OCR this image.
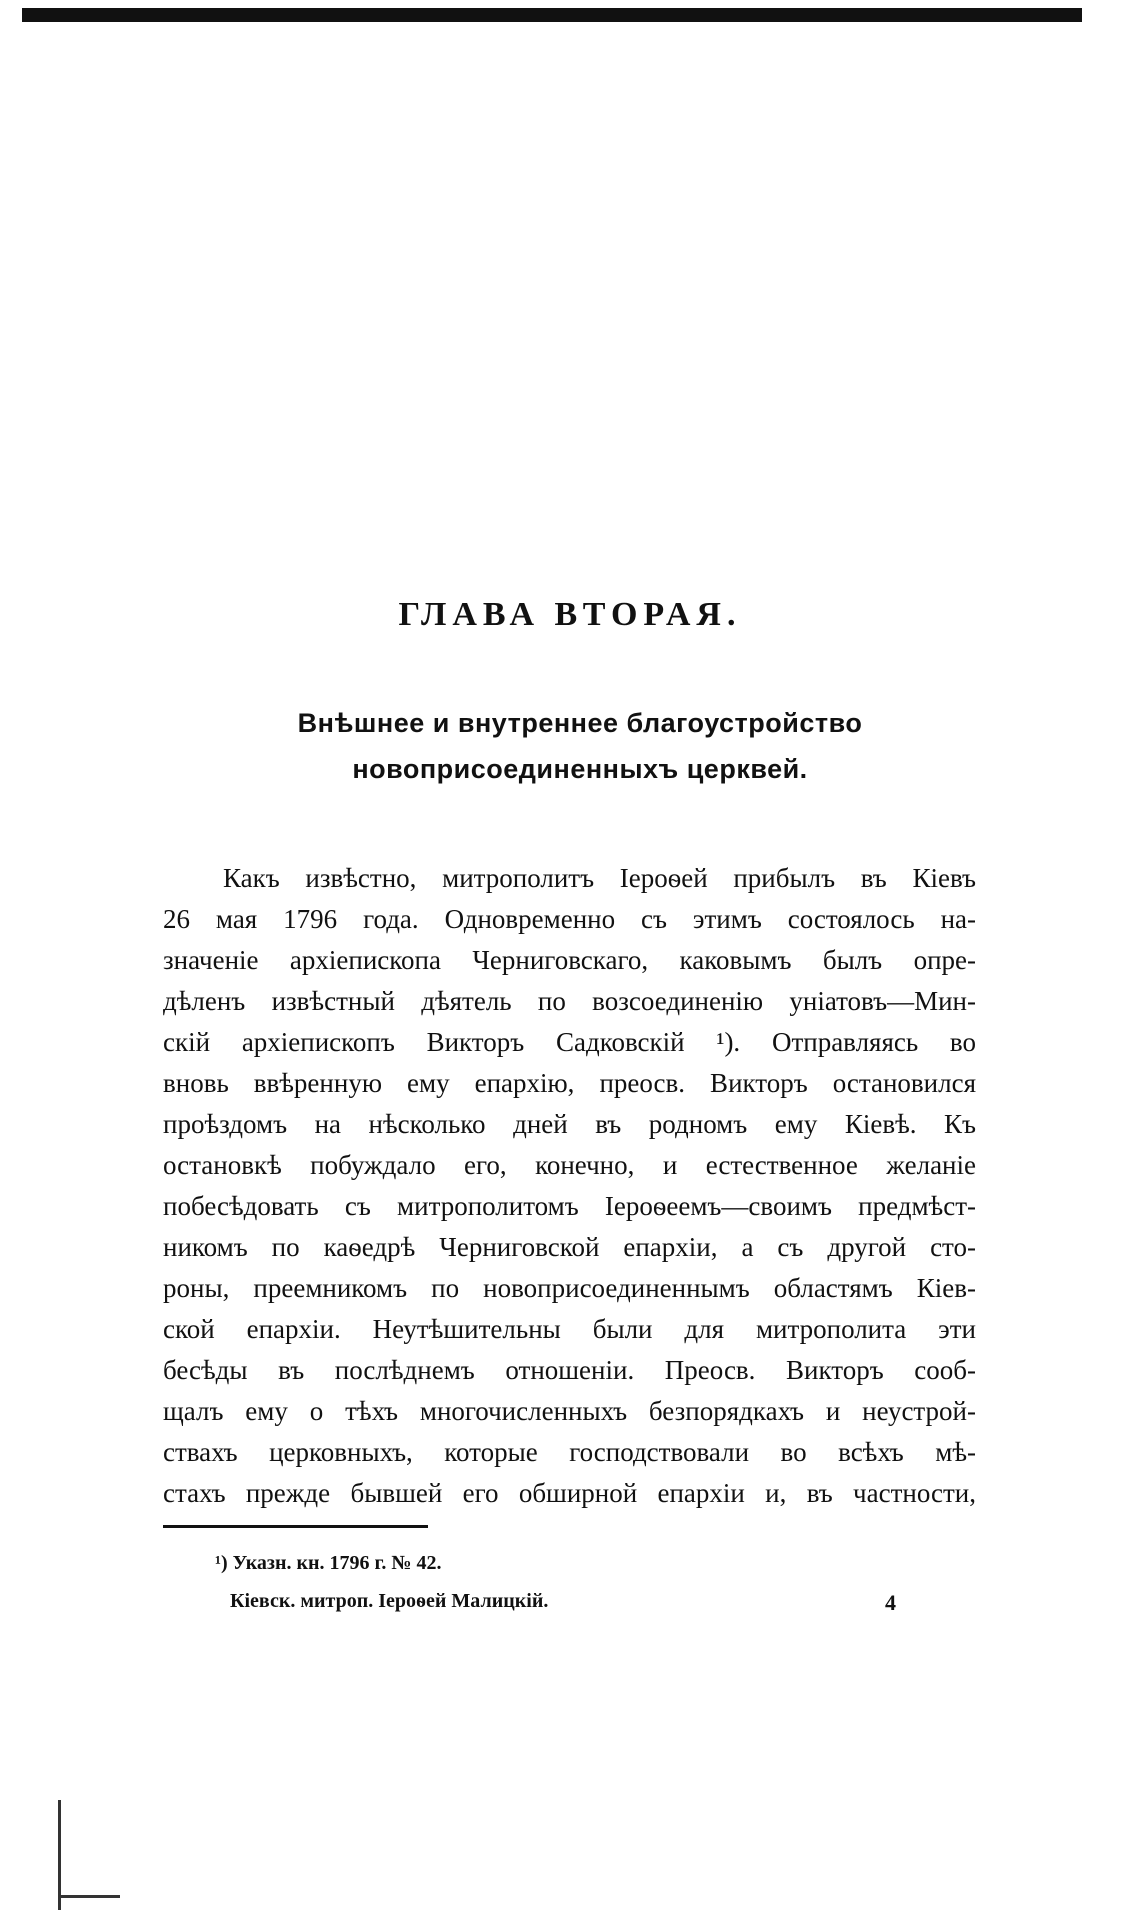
ГЛАВА ВТОРАЯ.
Внѣшнее и внутреннее благоустройство новоприсоединенныхъ церквей.
Какъ извѣстно, митрополитъ Іероѳей прибылъ въ Кіевъ
26 мая 1796 года. Одновременно съ этимъ состоялось на-
значеніе архіепископа Черниговскаго, каковымъ былъ опре-
дѣленъ извѣстный дѣятель по возсоединенію уніатовъ—Мин-
скій архіепископъ Викторъ Садковскій ¹). Отправляясь во
вновь ввѣренную ему епархію, преосв. Викторъ остановился
проѣздомъ на нѣсколько дней въ родномъ ему Кіевѣ. Къ
остановкѣ побуждало его, конечно, и естественное желаніе
побесѣдовать съ митрополитомъ Іероѳеемъ—своимъ предмѣст-
никомъ по каѳедрѣ Черниговской епархіи, а съ другой сто-
роны, преемникомъ по новоприсоединеннымъ областямъ Кіев-
ской епархіи. Неутѣшительны были для митрополита эти
бесѣды въ послѣднемъ отношеніи. Преосв. Викторъ сооб-
щалъ ему о тѣхъ многочисленныхъ безпорядкахъ и неустрой-
ствахъ церковныхъ, которые господствовали во всѣхъ мѣ-
стахъ прежде бывшей его обширной епархіи и, въ частности,

¹) Указн. кн. 1796 г. № 42.

Кіевск. митроп. Іероѳей Малицкій.	4
